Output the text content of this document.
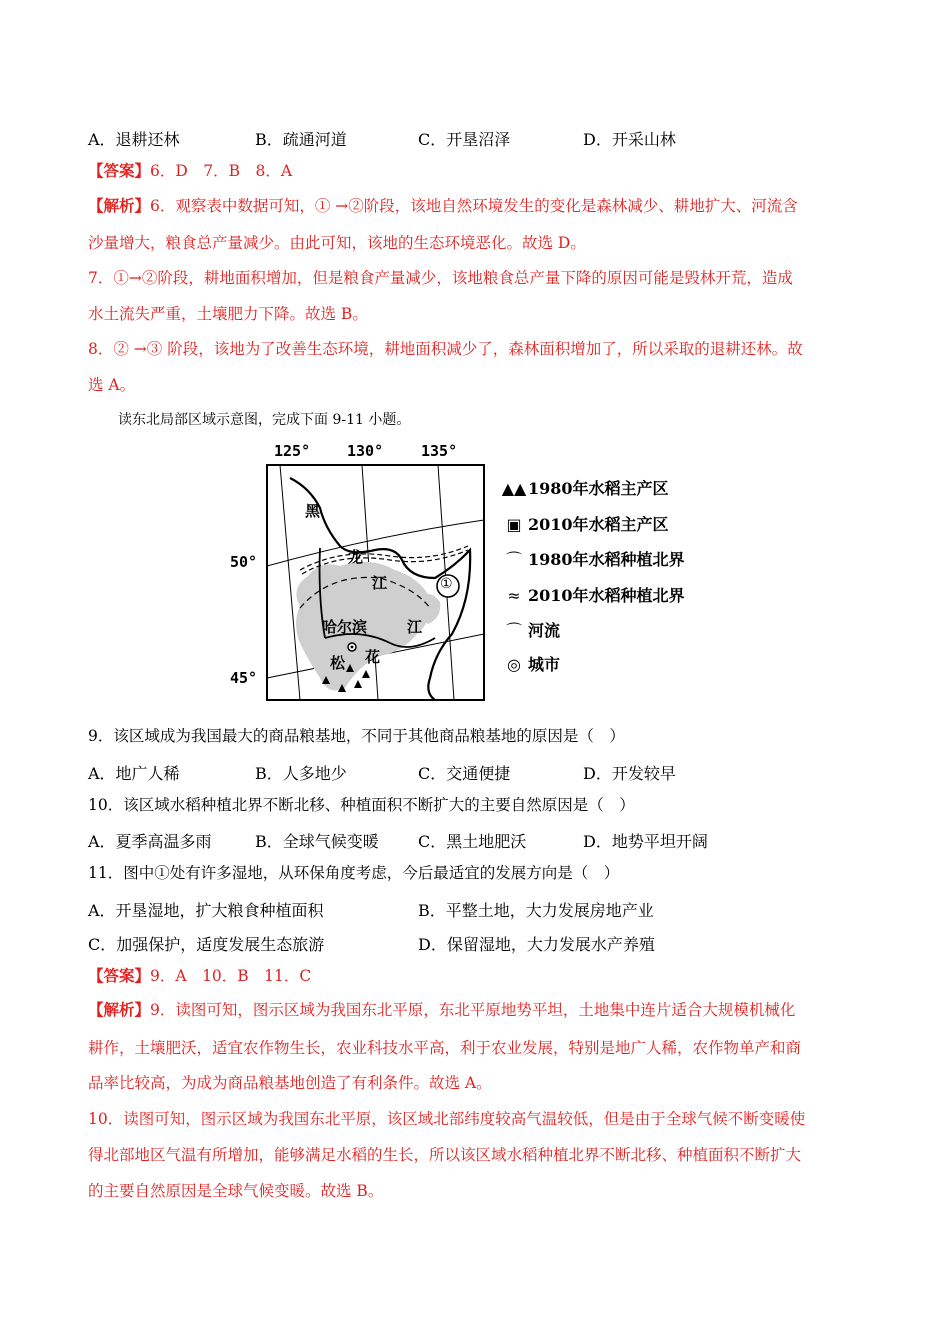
A．退耕还林	B．疏通河道	C．开垦沼泽	D．开采山林
【答案】6．D　7．B　8．A
【解析】6．观察表中数据可知，① →②阶段，该地自然环境发生的变化是森林减少、耕地扩大、河流含
沙量增大，粮食总产量减少。由此可知，该地的生态环境恶化。故选 D。
7．①→②阶段，耕地面积增加，但是粮食产量减少，该地粮食总产量下降的原因可能是毁林开荒，造成
水土流失严重，土壤肥力下降。故选 B。
8．② →③ 阶段，该地为了改善生态环境，耕地面积减少了，森林面积增加了，所以采取的退耕还林。故
选 A。
读东北局部区域示意图，完成下面 9-11 小题。
125° 130°	135°
50°
45°
黑
龙
江
江
哈尔滨
松 花
①
▲▲ 1980年水稻主产区
▣ 2010年水稻主产区
⌒ 1980年水稻种植北界
≈ 2010年水稻种植北界
⌒ 河流
◎ 城市
9．该区域成为我国最大的商品粮基地，不同于其他商品粮基地的原因是（　）
A．地广人稀	B．人多地少	C．交通便捷	D．开发较早
10．该区域水稻种植北界不断北移、种植面积不断扩大的主要自然原因是（　）
A．夏季高温多雨	B．全球气候变暖 C．黑土地肥沃	D．地势平坦开阔
11．图中①处有许多湿地，从环保角度考虑，今后最适宜的发展方向是（　）
A．开垦湿地，扩大粮食种植面积	B．平整土地，大力发展房地产业
C．加强保护，适度发展生态旅游	D．保留湿地，大力发展水产养殖
【答案】9．A　10．B　11．C
【解析】9．读图可知，图示区域为我国东北平原，东北平原地势平坦，土地集中连片适合大规模机械化
耕作，土壤肥沃，适宜农作物生长，农业科技水平高，利于农业发展，特别是地广人稀，农作物单产和商
品率比较高，为成为商品粮基地创造了有利条件。故选 A。
10．读图可知，图示区域为我国东北平原，该区域北部纬度较高气温较低，但是由于全球气候不断变暖使
得北部地区气温有所增加，能够满足水稻的生长，所以该区域水稻种植北界不断北移、种植面积不断扩大
的主要自然原因是全球气候变暖。故选 B。
